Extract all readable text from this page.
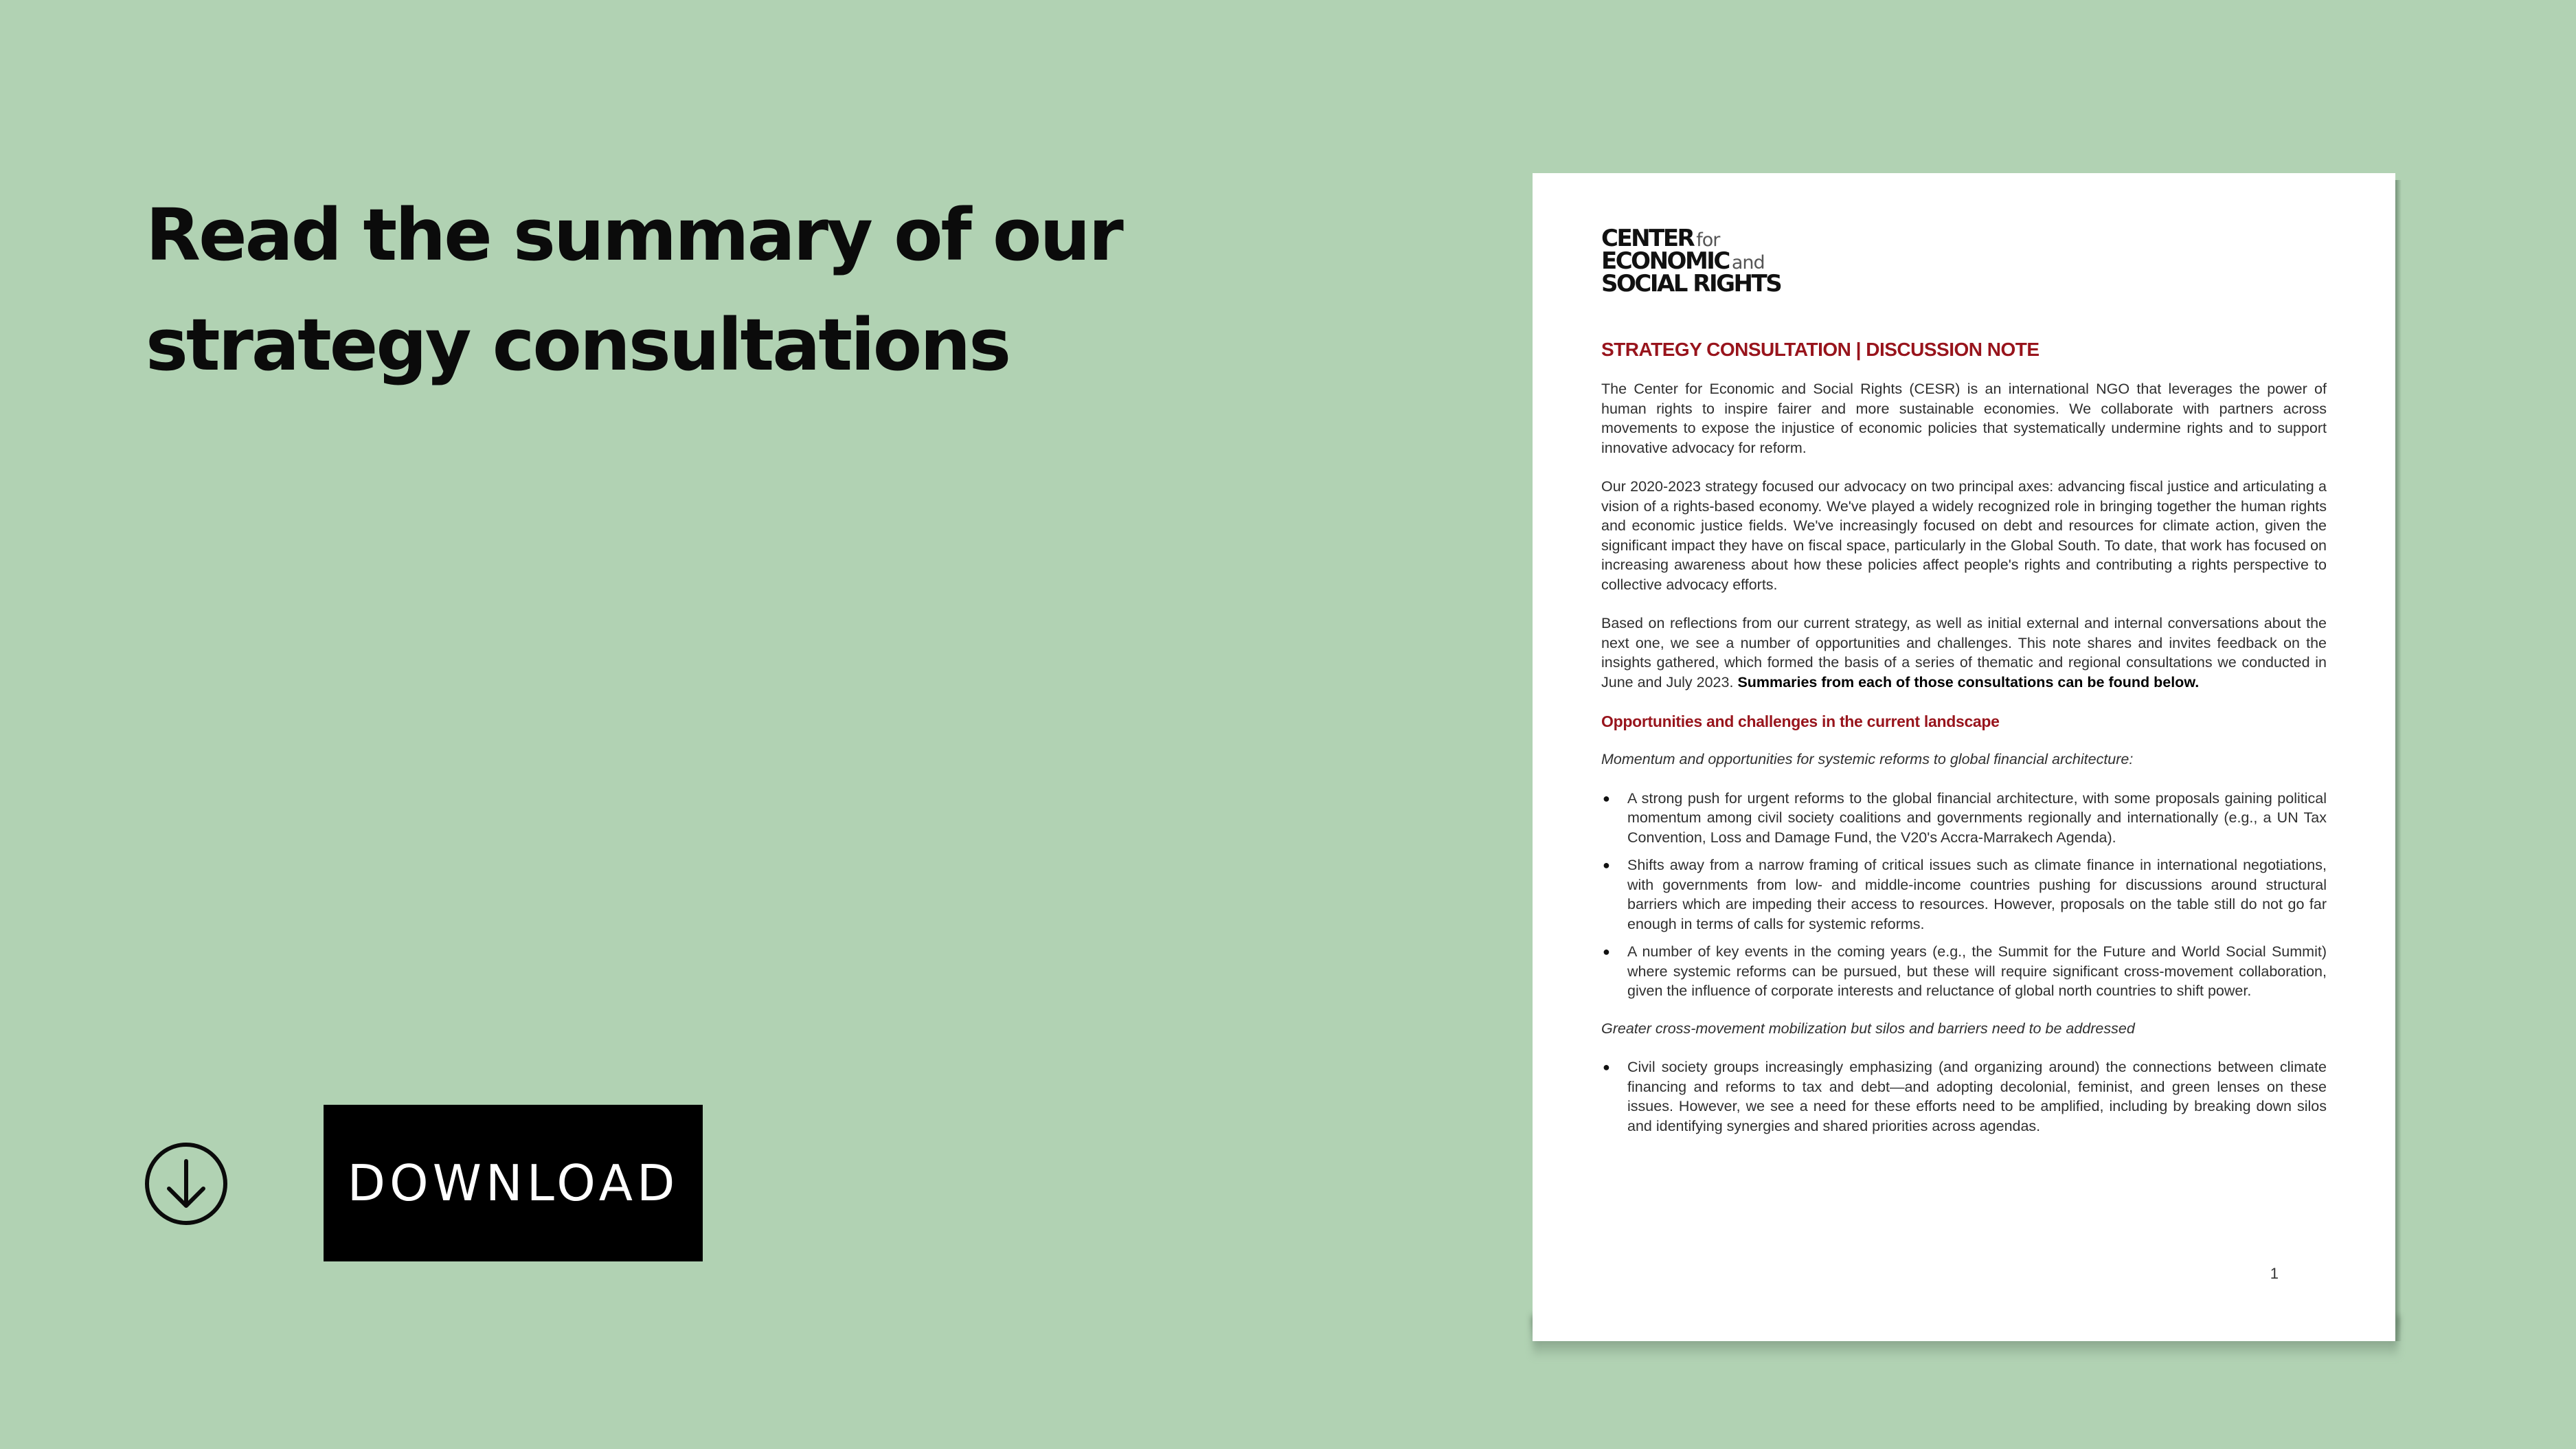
Read the summary of our
strategy consultations
DOWNLOAD
CENTER for
ECONOMIC and
SOCIAL RIGHTS
STRATEGY CONSULTATION | DISCUSSION NOTE

The Center for Economic and Social Rights (CESR) is an international NGO that leverages the power of human rights to inspire fairer and more sustainable economies. We collaborate with partners across movements to expose the injustice of economic policies that systematically undermine rights and to support innovative advocacy for reform.

Our 2020-2023 strategy focused our advocacy on two principal axes: advancing fiscal justice and articulating a vision of a rights-based economy. We've played a widely recognized role in bringing together the human rights and economic justice fields. We've increasingly focused on debt and resources for climate action, given the significant impact they have on fiscal space, particularly in the Global South. To date, that work has focused on increasing awareness about how these policies affect people's rights and contributing a rights perspective to collective advocacy efforts.

Based on reflections from our current strategy, as well as initial external and internal conversations about the next one, we see a number of opportunities and challenges. This note shares and invites feedback on the insights gathered, which formed the basis of a series of thematic and regional consultations we conducted in June and July 2023. Summaries from each of those consultations can be found below.

Opportunities and challenges in the current landscape

Momentum and opportunities for systemic reforms to global financial architecture:

● A strong push for urgent reforms to the global financial architecture, with some proposals gaining political momentum among civil society coalitions and governments regionally and internationally (e.g., a UN Tax Convention, Loss and Damage Fund, the V20's Accra-Marrakech Agenda).
● Shifts away from a narrow framing of critical issues such as climate finance in international negotiations, with governments from low- and middle-income countries pushing for discussions around structural barriers which are impeding their access to resources. However, proposals on the table still do not go far enough in terms of calls for systemic reforms.
● A number of key events in the coming years (e.g., the Summit for the Future and World Social Summit) where systemic reforms can be pursued, but these will require significant cross-movement collaboration, given the influence of corporate interests and reluctance of global north countries to shift power.

Greater cross-movement mobilization but silos and barriers need to be addressed

● Civil society groups increasingly emphasizing (and organizing around) the connections between climate financing and reforms to tax and debt—and adopting decolonial, feminist, and green lenses on these issues. However, we see a need for these efforts need to be amplified, including by breaking down silos and identifying synergies and shared priorities across agendas.
1
